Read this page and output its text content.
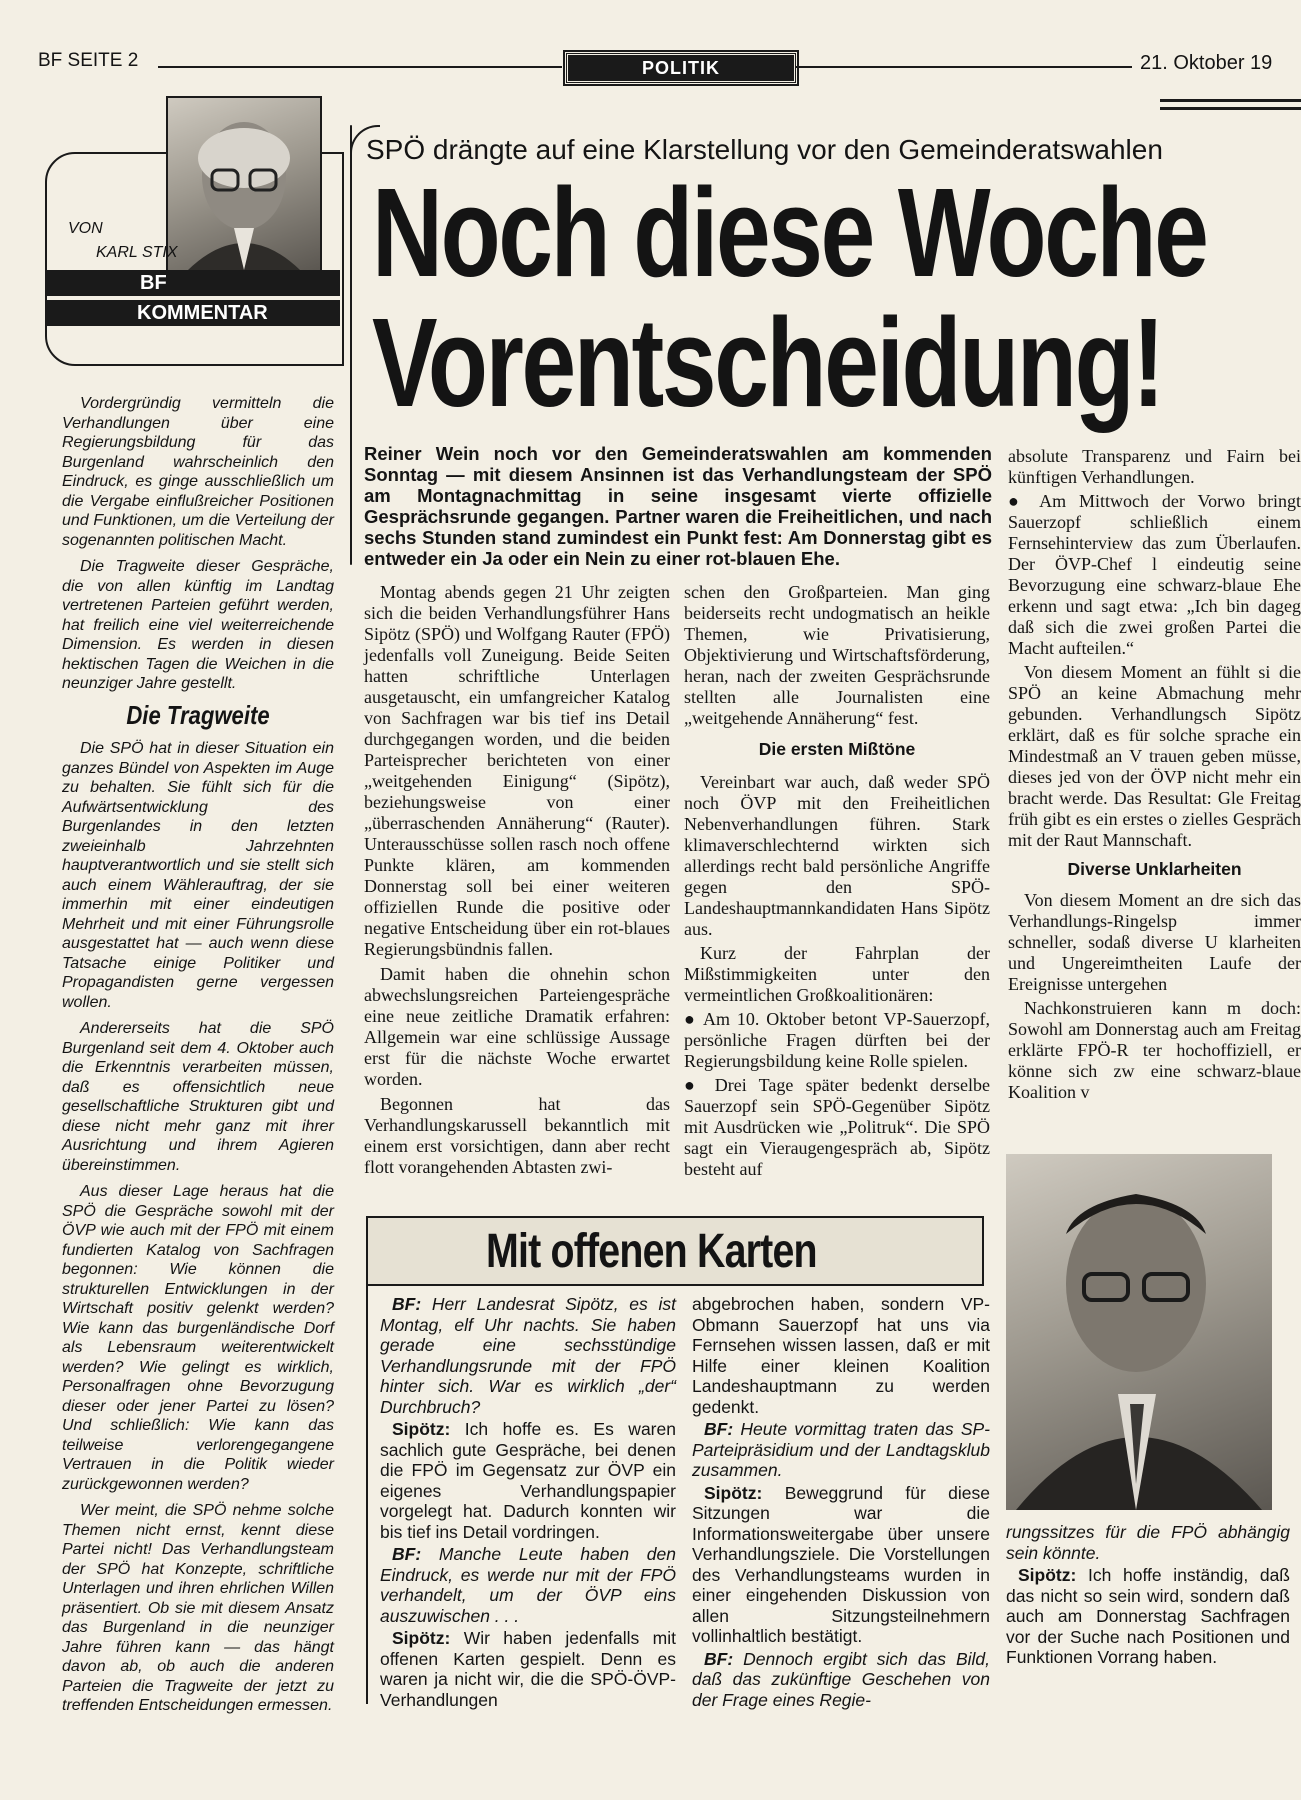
BF SEITE 2	POLITIK	21. Oktober 19
VON
KARL STIX
BF
KOMMENTAR

Vordergründig vermitteln die Verhandlungen über eine Regierungsbildung für das Burgenland wahrscheinlich den Eindruck, es ginge ausschließlich um die Vergabe einflußreicher Positionen und Funktionen, um die Verteilung der sogenannten politischen Macht.

Die Tragweite dieser Gespräche, die von allen künftig im Landtag vertretenen Parteien geführt werden, hat freilich eine viel weiterreichende Dimension. Es werden in diesen hektischen Tagen die Weichen in die neunziger Jahre gestellt.

Die Tragweite

Die SPÖ hat in dieser Situation ein ganzes Bündel von Aspekten im Auge zu behalten. Sie fühlt sich für die Aufwärtsentwicklung des Burgenlandes in den letzten zweieinhalb Jahrzehnten hauptverantwortlich und sie stellt sich auch einem Wählerauftrag, der sie immerhin mit einer eindeutigen Mehrheit und mit einer Führungsrolle ausgestattet hat — auch wenn diese Tatsache einige Politiker und Propagandisten gerne vergessen wollen.

Andererseits hat die SPÖ Burgenland seit dem 4. Oktober auch die Erkenntnis verarbeiten müssen, daß es offensichtlich neue gesellschaftliche Strukturen gibt und diese nicht mehr ganz mit ihrer Ausrichtung und ihrem Agieren übereinstimmen.

Aus dieser Lage heraus hat die SPÖ die Gespräche sowohl mit der ÖVP wie auch mit der FPÖ mit einem fundierten Katalog von Sachfragen begonnen: Wie können die strukturellen Entwicklungen in der Wirtschaft positiv gelenkt werden? Wie kann das burgenländische Dorf als Lebensraum weiterentwickelt werden? Wie gelingt es wirklich, Personalfragen ohne Bevorzugung dieser oder jener Partei zu lösen? Und schließlich: Wie kann das teilweise verlorengegangene Vertrauen in die Politik wieder zurückgewonnen werden?

Wer meint, die SPÖ nehme solche Themen nicht ernst, kennt diese Partei nicht! Das Verhandlungsteam der SPÖ hat Konzepte, schriftliche Unterlagen und ihren ehrlichen Willen präsentiert. Ob sie mit diesem Ansatz das Burgenland in die neunziger Jahre führen kann — das hängt davon ab, ob auch die anderen Parteien die Tragweite der jetzt zu treffenden Entscheidungen ermessen.

SPÖ drängte auf eine Klarstellung vor den Gemeinderatswahlen
Noch diese Woche
Vorentscheidung!
Reiner Wein noch vor den Gemeinderatswahlen am kommenden Sonntag — mit diesem Ansinnen ist das Verhandlungsteam der SPÖ am Montagnachmittag in seine insgesamt vierte offizielle Gesprächsrunde gegangen. Partner waren die Freiheitlichen, und nach sechs Stunden stand zumindest ein Punkt fest: Am Donnerstag gibt es entweder ein Ja oder ein Nein zu einer rot-blauen Ehe.

Montag abends gegen 21 Uhr zeigten sich die beiden Verhandlungsführer Hans Sipötz (SPÖ) und Wolfgang Rauter (FPÖ) jedenfalls voll Zuneigung. Beide Seiten hatten schriftliche Unterlagen ausgetauscht, ein umfangreicher Katalog von Sachfragen war bis tief ins Detail durchgegangen worden, und die beiden Parteisprecher berichteten von einer „weitgehenden Einigung“ (Sipötz), beziehungsweise von einer „überraschenden Annäherung“ (Rauter). Unterausschüsse sollen rasch noch offene Punkte klären, am kommenden Donnerstag soll bei einer weiteren offiziellen Runde die positive oder negative Entscheidung über ein rot-blaues Regierungsbündnis fallen.

Damit haben die ohnehin schon abwechslungsreichen Parteiengespräche eine neue zeitliche Dramatik erfahren: Allgemein war eine schlüssige Aussage erst für die nächste Woche erwartet worden.

Begonnen hat das Verhandlungskarussell bekanntlich mit einem erst vorsichtigen, dann aber recht flott vorangehenden Abtasten zwi-

schen den Großparteien. Man ging beiderseits recht undogmatisch an heikle Themen, wie Privatisierung, Objektivierung und Wirtschaftsförderung, heran, nach der zweiten Gesprächsrunde stellten alle Journalisten eine „weitgehende Annäherung“ fest.

Die ersten Mißtöne

Vereinbart war auch, daß weder SPÖ noch ÖVP mit den Freiheitlichen Nebenverhandlungen führen. Stark klimaverschlechternd wirkten sich allerdings recht bald persönliche Angriffe gegen den SPÖ-Landeshauptmannkandidaten Hans Sipötz aus.

Kurz der Fahrplan der Mißstimmigkeiten unter den vermeintlichen Großkoalitionären:

● Am 10. Oktober betont VP-Sauerzopf, persönliche Fragen dürften bei der Regierungsbildung keine Rolle spielen.

● Drei Tage später bedenkt derselbe Sauerzopf sein SPÖ-Gegenüber Sipötz mit Ausdrücken wie „Politruk“. Die SPÖ sagt ein Vieraugengespräch ab, Sipötz besteht auf

absolute Transparenz und Fairn bei künftigen Verhandlungen.

● Am Mittwoch der Vorwo bringt Sauerzopf schließlich einem Fernsehinterview das zum Überlaufen. Der ÖVP-Chef l eindeutig seine Bevorzugung eine schwarz-blaue Ehe erkenn und sagt etwa: „Ich bin dageg daß sich die zwei großen Partei die Macht aufteilen.“

Von diesem Moment an fühlt si die SPÖ an keine Abmachung mehr gebunden. Verhandlungsch Sipötz erklärt, daß es für solche sprache ein Mindestmaß an V trauen geben müsse, dieses jed von der ÖVP nicht mehr ein bracht werde. Das Resultat: Gle Freitag früh gibt es ein erstes o zielles Gespräch mit der Raut Mannschaft.

Diverse Unklarheiten

Von diesem Moment an dre sich das Verhandlungs-Ringelsp immer schneller, sodaß diverse U klarheiten und Ungereimtheiten Laufe der Ereignisse untergehen

Nachkonstruieren kann m doch: Sowohl am Donnerstag auch am Freitag erklärte FPÖ-R ter hochoffiziell, er könne sich zw eine schwarz-blaue Koalition v

Mit offenen Karten

BF: Herr Landesrat Sipötz, es ist Montag, elf Uhr nachts. Sie haben gerade eine sechsstündige Verhandlungsrunde mit der FPÖ hinter sich. War es wirklich „der“ Durchbruch?

Sipötz: Ich hoffe es. Es waren sachlich gute Gespräche, bei denen die FPÖ im Gegensatz zur ÖVP ein eigenes Verhandlungspapier vorgelegt hat. Dadurch konnten wir bis tief ins Detail vordringen.

BF: Manche Leute haben den Eindruck, es werde nur mit der FPÖ verhandelt, um der ÖVP eins auszuwischen . . .

Sipötz: Wir haben jedenfalls mit offenen Karten gespielt. Denn es waren ja nicht wir, die die SPÖ-ÖVP-Verhandlungen

abgebrochen haben, sondern VP-Obmann Sauerzopf hat uns via Fernsehen wissen lassen, daß er mit Hilfe einer kleinen Koalition Landeshauptmann zu werden gedenkt.

BF: Heute vormittag traten das SP-Parteipräsidium und der Landtagsklub zusammen.

Sipötz: Beweggrund für diese Sitzungen war die Informationsweitergabe über unsere Verhandlungsziele. Die Vorstellungen des Verhandlungsteams wurden in einer eingehenden Diskussion von allen Sitzungsteilnehmern vollinhaltlich bestätigt.

BF: Dennoch ergibt sich das Bild, daß das zukünftige Geschehen von der Frage eines Regie-

rungssitzes für die FPÖ abhängig sein könnte.

Sipötz: Ich hoffe inständig, daß das nicht so sein wird, sondern daß auch am Donnerstag Sachfragen vor der Suche nach Positionen und Funktionen Vorrang haben.
